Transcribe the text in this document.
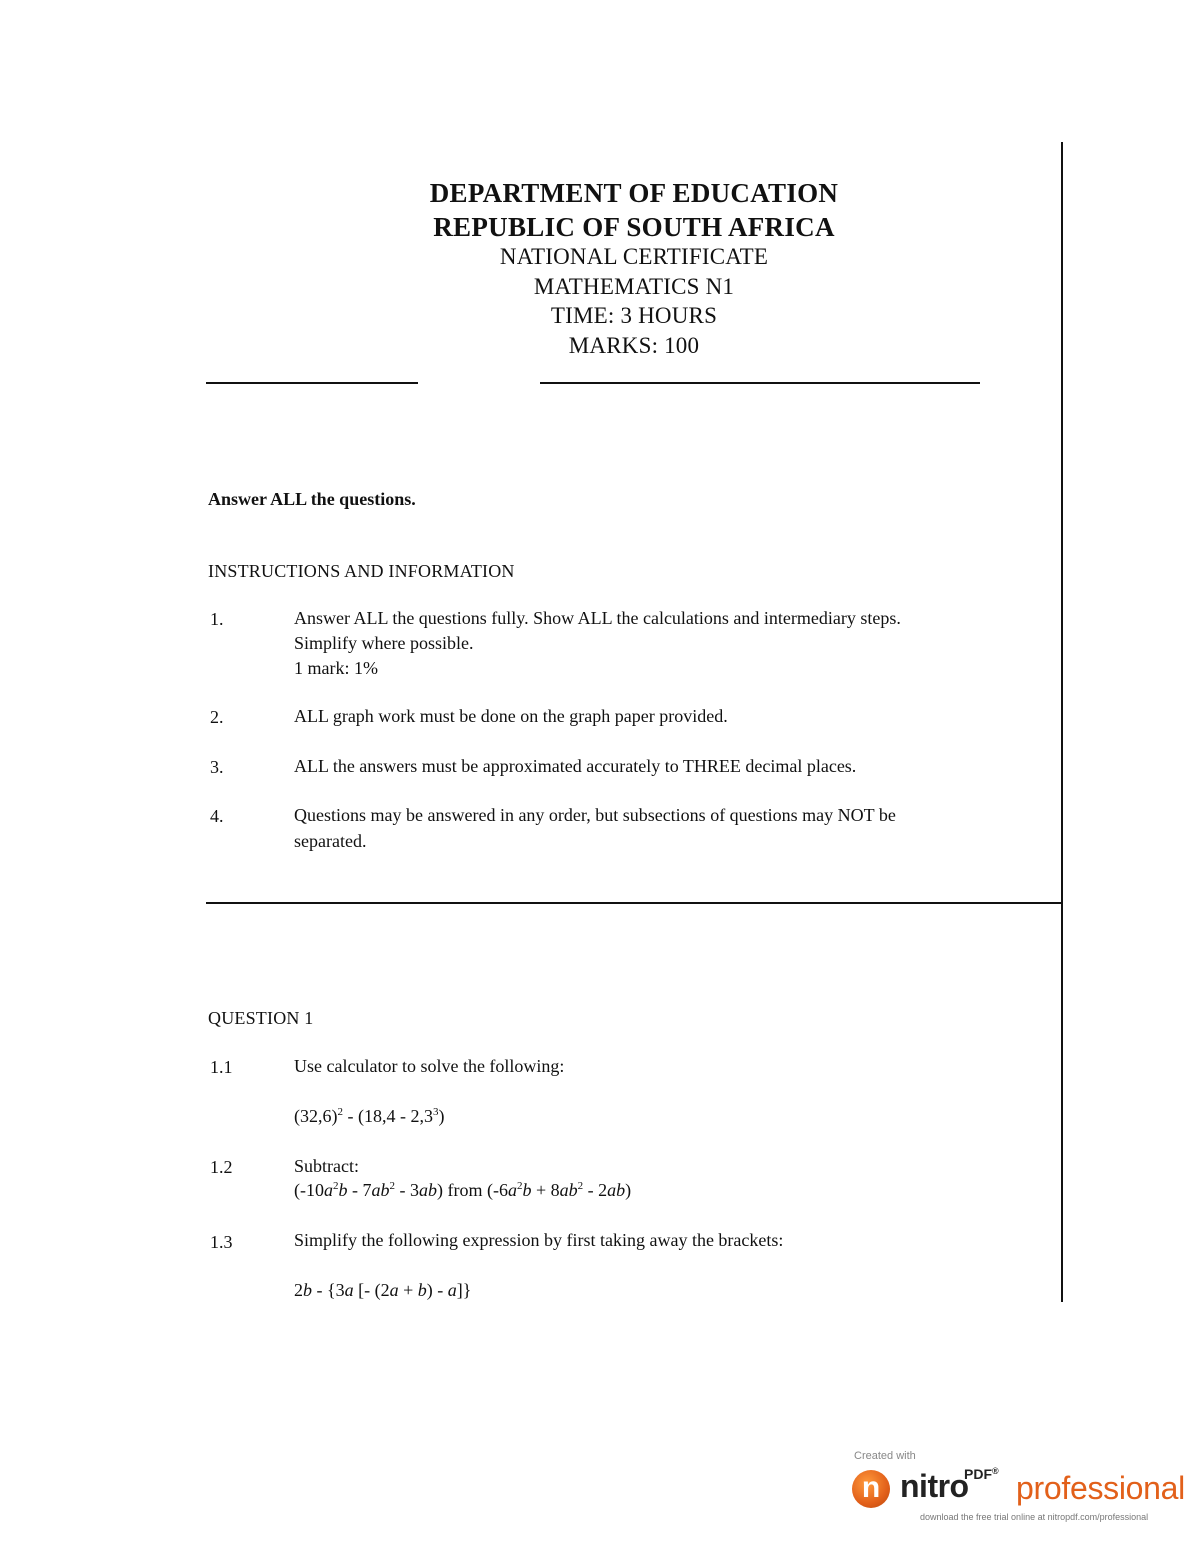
DEPARTMENT OF EDUCATION
REPUBLIC OF SOUTH AFRICA
NATIONAL CERTIFICATE
MATHEMATICS N1
TIME: 3 HOURS
MARKS: 100
Answer ALL the questions.
INSTRUCTIONS AND INFORMATION
1.	Answer ALL the questions fully. Show ALL the calculations and intermediary steps.
Simplify where possible.
1 mark: 1%
2.	ALL graph work must be done on the graph paper provided.
3.	ALL the answers must be approximated accurately to THREE decimal places.
4.	Questions may be answered in any order, but subsections of questions may NOT be
separated.
QUESTION 1
1.1	Use calculator to solve the following:
$(32,6)^2 - (18,4 - 2,3^3)$
1.2	Subtract:
$(-10a^2b - 7ab^2 - 3ab)$ from $(-6a^2b + 8ab^2 - 2ab)$
1.3	Simplify the following expression by first taking away the brackets:
2b - {3a [- (2a + b) - a]}
Created with
n nitro
PDF® professional
download the free trial online at nitropdf.com/professional
